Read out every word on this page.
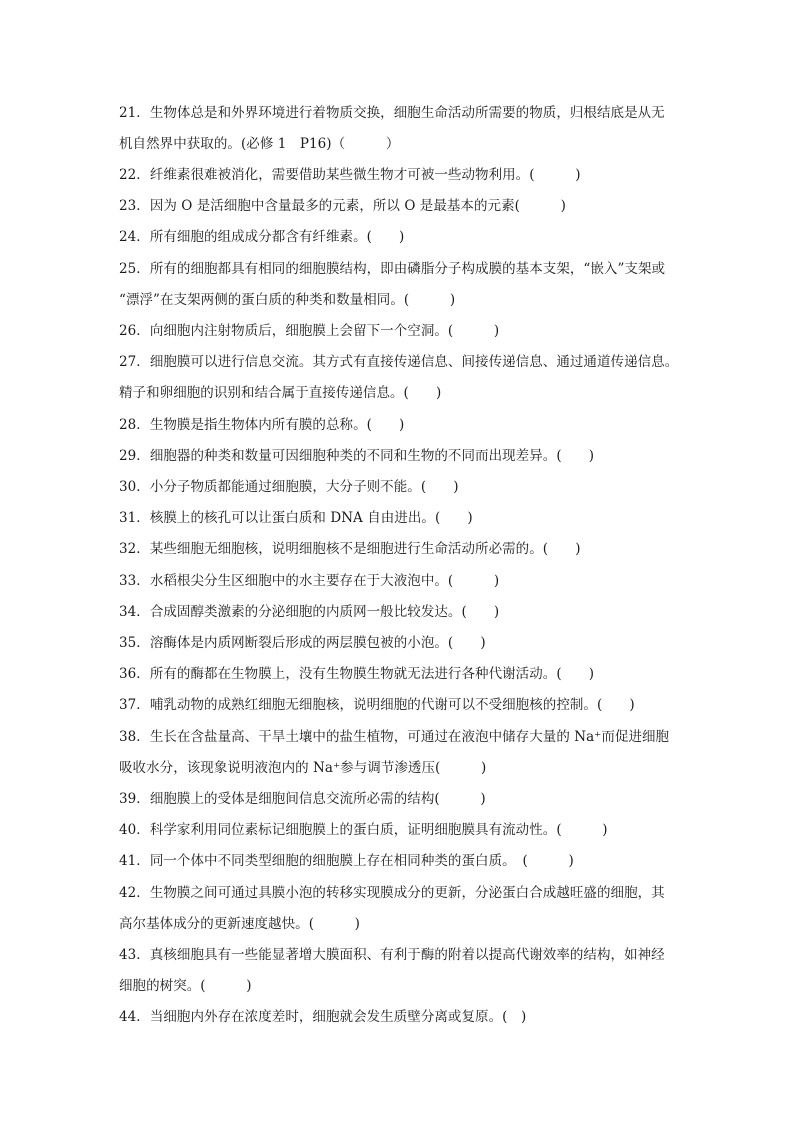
21．生物体总是和外界环境进行着物质交换，细胞生命活动所需要的物质，归根结底是从无
机自然界中获取的。(必修 1　P16)（　　　）
22．纤维素很难被消化，需要借助某些微生物才可被一些动物利用。(　　　)
23．因为 O 是活细胞中含量最多的元素，所以 O 是最基本的元素(　　　)
24．所有细胞的组成成分都含有纤维素。(　　)
25．所有的细胞都具有相同的细胞膜结构，即由磷脂分子构成膜的基本支架，“嵌入”支架或
“漂浮”在支架两侧的蛋白质的种类和数量相同。(　　　)
26．向细胞内注射物质后，细胞膜上会留下一个空洞。(　　　)
27．细胞膜可以进行信息交流。其方式有直接传递信息、间接传递信息、通过通道传递信息。
精子和卵细胞的识别和结合属于直接传递信息。(　　)
28．生物膜是指生物体内所有膜的总称。(　　)
29．细胞器的种类和数量可因细胞种类的不同和生物的不同而出现差异。(　　)
30．小分子物质都能通过细胞膜，大分子则不能。(　　)
31．核膜上的核孔可以让蛋白质和 DNA 自由进出。(　　)
32．某些细胞无细胞核，说明细胞核不是细胞进行生命活动所必需的。(　　)
33．水稻根尖分生区细胞中的水主要存在于大液泡中。(　　　)
34．合成固醇类激素的分泌细胞的内质网一般比较发达。(　　)
35．溶酶体是内质网断裂后形成的两层膜包被的小泡。(　　)
36．所有的酶都在生物膜上，没有生物膜生物就无法进行各种代谢活动。(　　)
37．哺乳动物的成熟红细胞无细胞核，说明细胞的代谢可以不受细胞核的控制。(　　)
38．生长在含盐量高、干旱土壤中的盐生植物，可通过在液泡中储存大量的 Na⁺而促进细胞
吸收水分，该现象说明液泡内的 Na⁺参与调节渗透压(　　　)
39．细胞膜上的受体是细胞间信息交流所必需的结构(　　　)
40．科学家利用同位素标记细胞膜上的蛋白质，证明细胞膜具有流动性。(　　　)
41．同一个体中不同类型细胞的细胞膜上存在相同种类的蛋白质。　(　　　)
42．生物膜之间可通过具膜小泡的转移实现膜成分的更新，分泌蛋白合成越旺盛的细胞，其
高尔基体成分的更新速度越快。(　　　)
43．真核细胞具有一些能显著增大膜面积、有利于酶的附着以提高代谢效率的结构，如神经
细胞的树突。(　　　)
44．当细胞内外存在浓度差时，细胞就会发生质壁分离或复原。(　)
